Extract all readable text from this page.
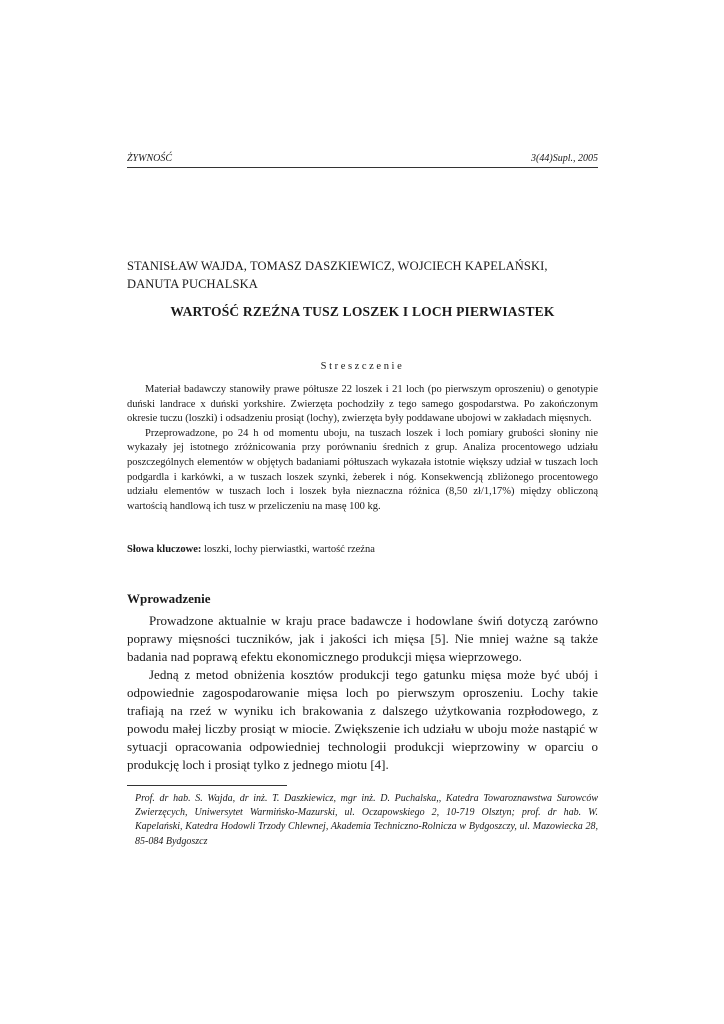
ŻYWNOŚĆ	3(44)Supl., 2005
STANISŁAW WAJDA, TOMASZ DASZKIEWICZ, WOJCIECH KAPELAŃSKI,
DANUTA PUCHALSKA
WARTOŚĆ RZEŹNA TUSZ LOSZEK I LOCH PIERWIASTEK
Streszczenie

Materiał badawczy stanowiły prawe półtusze 22 loszek i 21 loch (po pierwszym oproszeniu) o genotypie duński landrace x duński yorkshire. Zwierzęta pochodziły z tego samego gospodarstwa. Po zakończonym okresie tuczu (loszki) i odsadzeniu prosiąt (lochy), zwierzęta były poddawane ubojowi w zakładach mięsnych.

Przeprowadzone, po 24 h od momentu uboju, na tuszach loszek i loch pomiary grubości słoniny nie wykazały jej istotnego zróżnicowania przy porównaniu średnich z grup. Analiza procentowego udziału poszczególnych elementów w objętych badaniami półtuszach wykazała istotnie większy udział w tuszach loch podgardla i karkówki, a w tuszach loszek szynki, żeberek i nóg. Konsekwencją zbliżonego procentowego udziału elementów w tuszach loch i loszek była nieznaczna różnica (8,50 zł/1,17%) między obliczoną wartością handlową ich tusz w przeliczeniu na masę 100 kg.

Słowa kluczowe: loszki, lochy pierwiastki, wartość rzeźna
Wprowadzenie

Prowadzone aktualnie w kraju prace badawcze i hodowlane świń dotyczą zarówno poprawy mięsności tuczników, jak i jakości ich mięsa [5]. Nie mniej ważne są także badania nad poprawą efektu ekonomicznego produkcji mięsa wieprzowego.

Jedną z metod obniżenia kosztów produkcji tego gatunku mięsa może być ubój i odpowiednie zagospodarowanie mięsa loch po pierwszym oproszeniu. Lochy takie trafiają na rzeź w wyniku ich brakowania z dalszego użytkowania rozpłodowego, z powodu małej liczby prosiąt w miocie. Zwiększenie ich udziału w uboju może nastąpić w sytuacji opracowania odpowiedniej technologii produkcji wieprzowiny w oparciu o produkcję loch i prosiąt tylko z jednego miotu [4].

Prof. dr hab. S. Wajda, dr inż. T. Daszkiewicz, mgr inż. D. Puchalska,, Katedra Towaroznawstwa Surowców Zwierzęcych, Uniwersytet Warmińsko-Mazurski, ul. Oczapowskiego 2, 10-719 Olsztyn; prof. dr hab. W. Kapelański, Katedra Hodowli Trzody Chlewnej, Akademia Techniczno-Rolnicza w Bydgoszczy, ul. Mazowiecka 28, 85-084 Bydgoszcz
